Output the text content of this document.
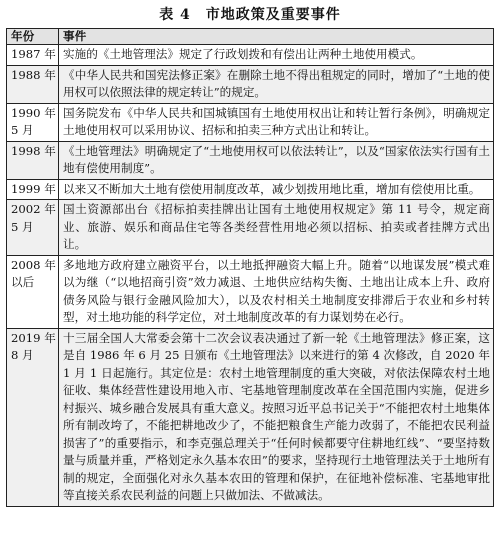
表 4　市地政策及重要事件
年份	事件
1987 年	实施的《土地管理法》规定了行政划拨和有偿出让两种土地使用模式。
1988 年	《中华人民共和国宪法修正案》在删除土地不得出租规定的同时，增加了“土地的使用权可以依照法律的规定转让”的规定。
1990 年 5 月	国务院发布《中华人民共和国城镇国有土地使用权出让和转让暂行条例》，明确规定土地使用权可以采用协议、招标和拍卖三种方式出让和转让。
1998 年	《土地管理法》明确规定了“土地使用权可以依法转让”，以及“国家依法实行国有土地有偿使用制度”。
1999 年	以来又不断加大土地有偿使用制度改革，减少划拨用地比重，增加有偿使用比重。
2002 年 5 月	国土资源部出台《招标拍卖挂牌出让国有土地使用权规定》第 11 号令，规定商业、旅游、娱乐和商品住宅等各类经营性用地必须以招标、拍卖或者挂牌方式出让。
2008 年以后	多地地方政府建立融资平台，以土地抵押融资大幅上升。随着“以地谋发展”模式难以为继（“以地招商引资”效力减退、土地供应结构失衡、土地出让成本上升、政府债务风险与银行金融风险加大），以及农村相关土地制度安排滞后于农业和乡村转型，对土地功能的科学定位，对土地制度改革的有力谋划势在必行。
2019 年 8 月	十三届全国人大常委会第十二次会议表决通过了新一轮《土地管理法》修正案，这是自 1986 年 6 月 25 日颁布《土地管理法》以来进行的第 4 次修改，自 2020 年 1 月 1 日起施行。其定位是：农村土地管理制度的重大突破，对依法保障农村土地征收、集体经营性建设用地入市、宅基地管理制度改革在全国范围内实施，促进乡村振兴、城乡融合发展具有重大意义。按照习近平总书记关于“不能把农村土地集体所有制改垮了，不能把耕地改少了，不能把粮食生产能力改弱了，不能把农民利益损害了”的重要指示，和李克强总理关于“任何时候都要守住耕地红线”、“要坚持数量与质量并重，严格划定永久基本农田”的要求，坚持现行土地管理法关于土地所有制的规定，全面强化对永久基本农田的管理和保护，在征地补偿标准、宅基地审批等直接关系农民利益的问题上只做加法、不做减法。
